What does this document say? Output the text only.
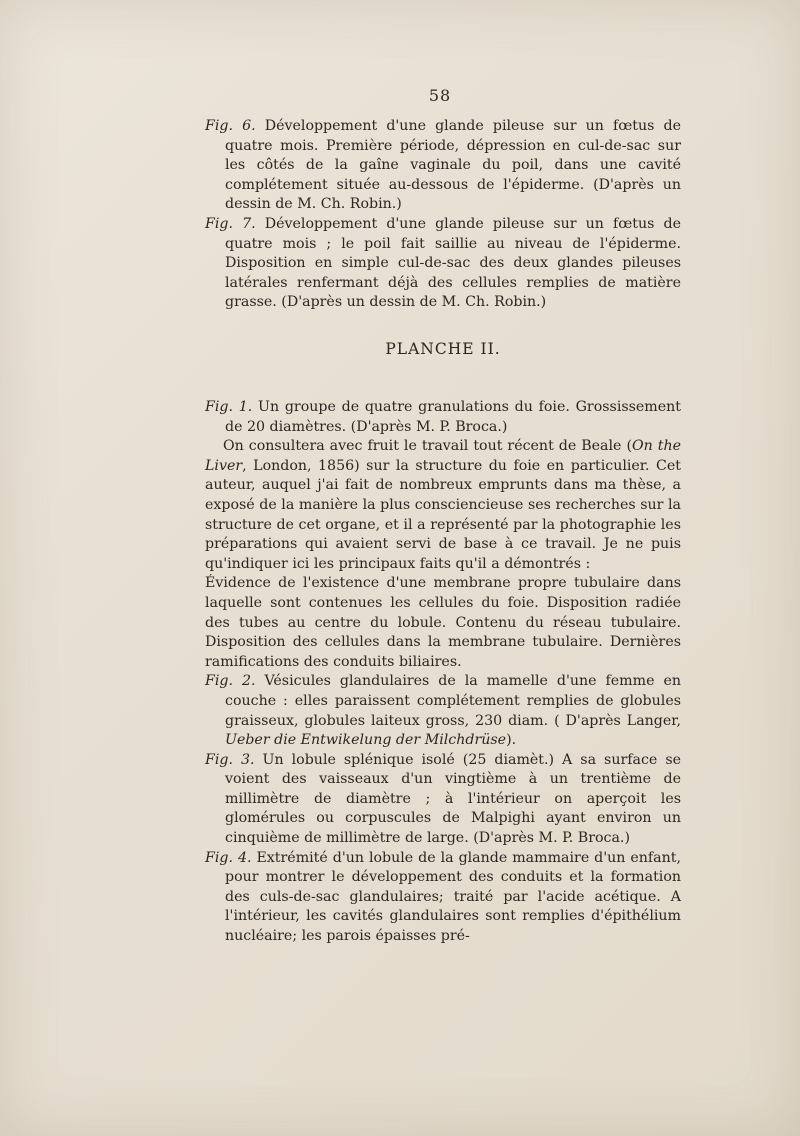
58

Fig. 6. Développement d'une glande pileuse sur un fœtus de quatre mois. Première période, dépression en cul-de-sac sur les côtés de la gaîne vaginale du poil, dans une cavité complétement située au-dessous de l'épiderme. (D'après un dessin de M. Ch. Robin.)

Fig. 7. Développement d'une glande pileuse sur un fœtus de quatre mois ; le poil fait saillie au niveau de l'épiderme. Disposition en simple cul-de-sac des deux glandes pileuses latérales renfermant déjà des cellules remplies de matière grasse. (D'après un dessin de M. Ch. Robin.)

PLANCHE II.

Fig. 1. Un groupe de quatre granulations du foie. Grossissement de 20 diamètres. (D'après M. P. Broca.)

On consultera avec fruit le travail tout récent de Beale (On the Liver, London, 1856) sur la structure du foie en particulier. Cet auteur, auquel j'ai fait de nombreux emprunts dans ma thèse, a exposé de la manière la plus consciencieuse ses recherches sur la structure de cet organe, et il a représenté par la photographie les préparations qui avaient servi de base à ce travail. Je ne puis qu'indiquer ici les principaux faits qu'il a démontrés :

Évidence de l'existence d'une membrane propre tubulaire dans laquelle sont contenues les cellules du foie. Disposition radiée des tubes au centre du lobule. Contenu du réseau tubulaire. Disposition des cellules dans la membrane tubulaire. Dernières ramifications des conduits biliaires.

Fig. 2. Vésicules glandulaires de la mamelle d'une femme en couche : elles paraissent complétement remplies de globules graisseux, globules laiteux gross, 230 diam. ( D'après Langer, Ueber die Entwikelung der Milchdrüse).

Fig. 3. Un lobule splénique isolé (25 diamèt.) A sa surface se voient des vaisseaux d'un vingtième à un trentième de millimètre de diamètre ; à l'intérieur on aperçoit les glomérules ou corpuscules de Malpighi ayant environ un cinquième de millimètre de large. (D'après M. P. Broca.)

Fig. 4. Extrémité d'un lobule de la glande mammaire d'un enfant, pour montrer le développement des conduits et la formation des culs-de-sac glandulaires; traité par l'acide acétique. A l'intérieur, les cavités glandulaires sont remplies d'épithélium nucléaire; les parois épaisses pré-
